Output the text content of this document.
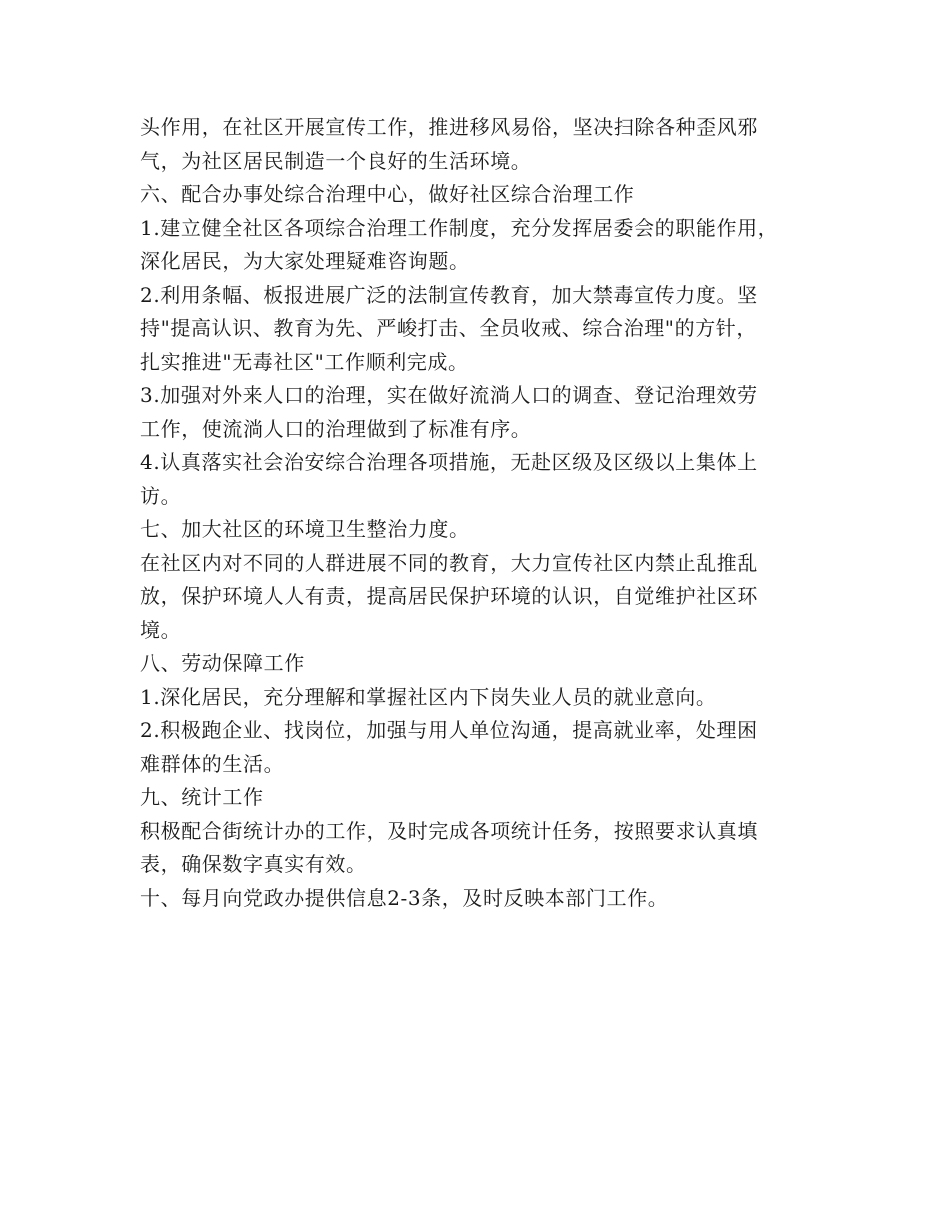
头作用，在社区开展宣传工作，推进移风易俗，坚决扫除各种歪风邪
气，为社区居民制造一个良好的生活环境。
六、配合办事处综合治理中心，做好社区综合治理工作
1.建立健全社区各项综合治理工作制度，充分发挥居委会的职能作用，
深化居民，为大家处理疑难咨询题。
2.利用条幅、板报进展广泛的法制宣传教育，加大禁毒宣传力度。坚
持"提高认识、教育为先、严峻打击、全员收戒、综合治理"的方针，
扎实推进"无毒社区"工作顺利完成。
3.加强对外来人口的治理，实在做好流淌人口的调查、登记治理效劳
工作，使流淌人口的治理做到了标准有序。
4.认真落实社会治安综合治理各项措施，无赴区级及区级以上集体上
访。
七、加大社区的环境卫生整治力度。
在社区内对不同的人群进展不同的教育，大力宣传社区内禁止乱推乱
放，保护环境人人有责，提高居民保护环境的认识，自觉维护社区环
境。
八、劳动保障工作
1.深化居民，充分理解和掌握社区内下岗失业人员的就业意向。
2.积极跑企业、找岗位，加强与用人单位沟通，提高就业率，处理困
难群体的生活。
九、统计工作
积极配合街统计办的工作，及时完成各项统计任务，按照要求认真填
表，确保数字真实有效。
十、每月向党政办提供信息2-3条，及时反映本部门工作。
